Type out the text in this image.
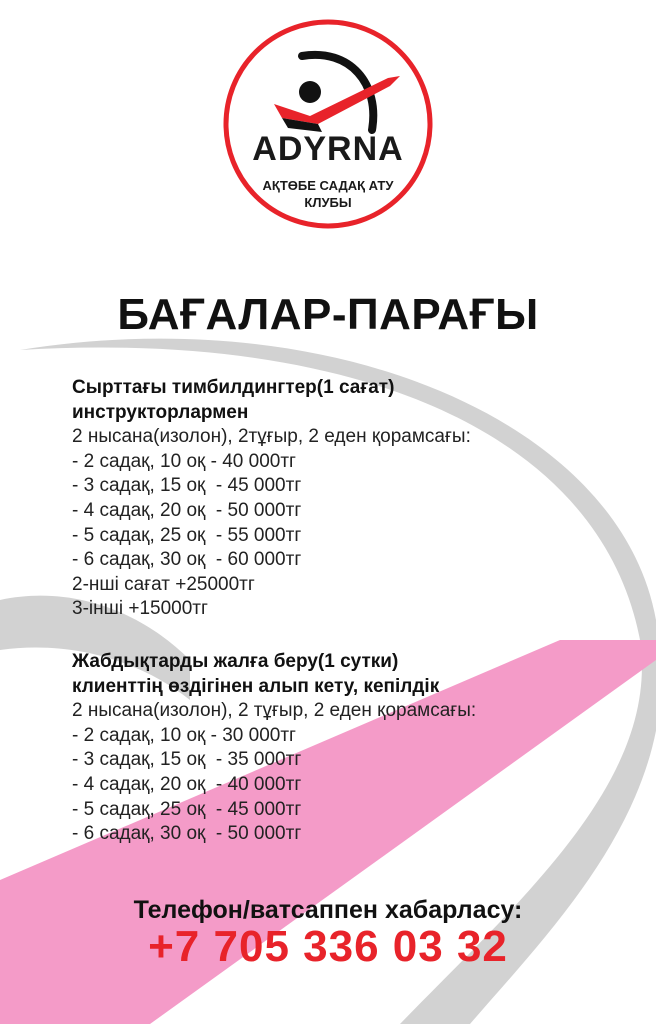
ADYRNA
АҚТӨБЕ САДАҚ АТУ
КЛУБЫ
БАҒАЛАР-ПАРАҒЫ
Сырттағы тимбилдингтер(1 сағат)
инструкторлармен
2 нысана(изолон), 2тұғыр, 2 еден қорамсағы:
- 2 садақ, 10 оқ - 40 000тг
- 3 садақ, 15 оқ  - 45 000тг
- 4 садақ, 20 оқ  - 50 000тг
- 5 садақ, 25 оқ  - 55 000тг
- 6 садақ, 30 оқ  - 60 000тг
2-нші сағат +25000тг
3-інші +15000тг
Жабдықтарды жалға беру(1 сутки)
клиенттің өздігінен алып кету, кепілдік
2 нысана(изолон), 2 тұғыр, 2 еден қорамсағы:
- 2 садақ, 10 оқ - 30 000тг
- 3 садақ, 15 оқ  - 35 000тг
- 4 садақ, 20 оқ  - 40 000тг
- 5 садақ, 25 оқ  - 45 000тг
- 6 садақ, 30 оқ  - 50 000тг
Телефон/ватсаппен хабарласу:
+7 705 336 03 32
